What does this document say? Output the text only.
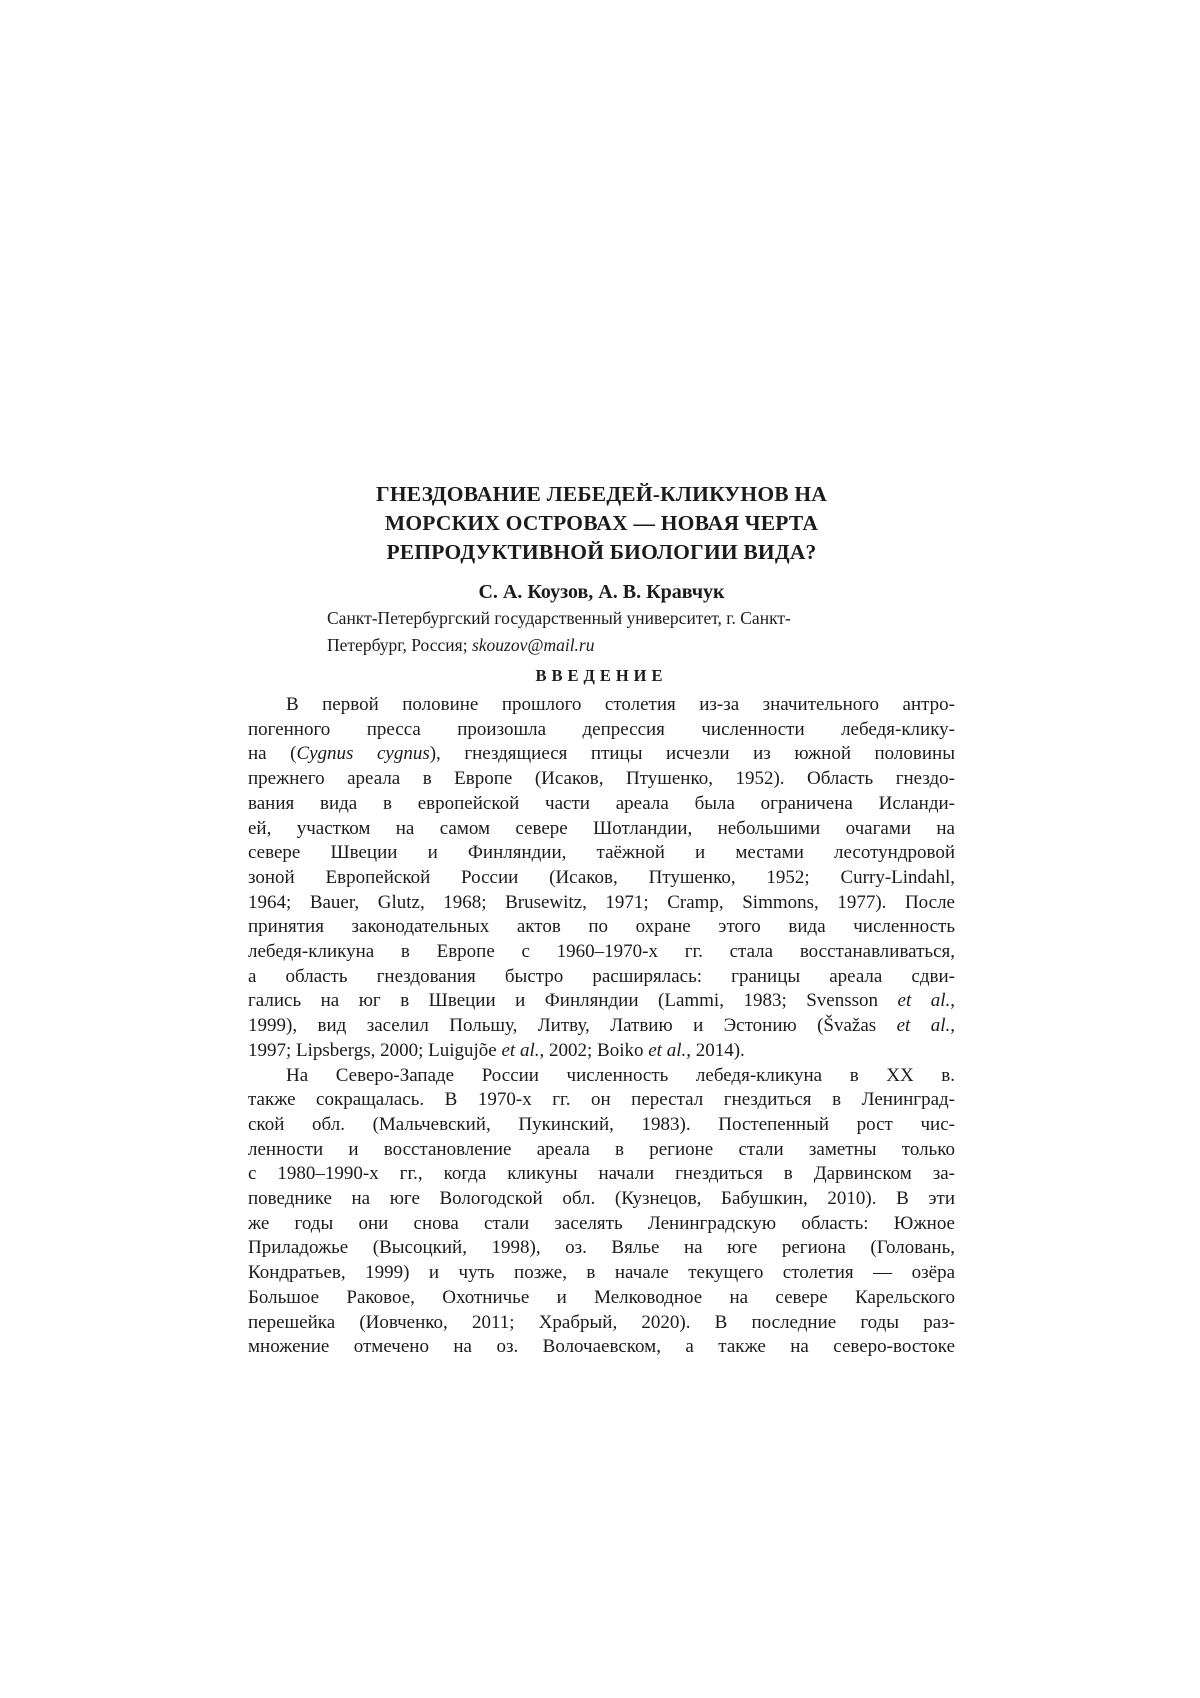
ГНЕЗДОВАНИЕ ЛЕБЕДЕЙ-КЛИКУНОВ НА
МОРСКИХ ОСТРОВАХ — НОВАЯ ЧЕРТА
РЕПРОДУКТИВНОЙ БИОЛОГИИ ВИДА?
С. А. Коузов, А. В. Кравчук
Санкт-Петербургский государственный университет, г. Санкт-
Петербург, Россия; skouzov@mail.ru
ВВЕДЕНИЕ
В первой половине прошлого столетия из-за значительного антро-
погенного пресса произошла депрессия численности лебедя-клику-
на (Cygnus cygnus), гнездящиеся птицы исчезли из южной половины
прежнего ареала в Европе (Исаков, Птушенко, 1952). Область гнездо-
вания вида в европейской части ареала была ограничена Исланди-
ей, участком на самом севере Шотландии, небольшими очагами на
севере Швеции и Финляндии, таёжной и местами лесотундровой
зоной Европейской России (Исаков, Птушенко, 1952; Curry-Lindahl,
1964; Bauer, Glutz, 1968; Brusewitz, 1971; Cramp, Simmons, 1977). После
принятия законодательных актов по охране этого вида численность
лебедя-кликуна в Европе с 1960–1970-х гг. стала восстанавливаться,
а область гнездования быстро расширялась: границы ареала сдви-
гались на юг в Швеции и Финляндии (Lammi, 1983; Svensson et al.,
1999), вид заселил Польшу, Литву, Латвию и Эстонию (Švažas et al.,
1997; Lipsbergs, 2000; Luigujõe et al., 2002; Boiko et al., 2014).
На Северо-Западе России численность лебедя-кликуна в XX в.
также сокращалась. В 1970-х гг. он перестал гнездиться в Ленинград-
ской обл. (Мальчевский, Пукинский, 1983). Постепенный рост чис-
ленности и восстановление ареала в регионе стали заметны только
с 1980–1990-х гг., когда кликуны начали гнездиться в Дарвинском за-
поведнике на юге Вологодской обл. (Кузнецов, Бабушкин, 2010). В эти
же годы они снова стали заселять Ленинградскую область: Южное
Приладожье (Высоцкий, 1998), оз. Вялье на юге региона (Головань,
Кондратьев, 1999) и чуть позже, в начале текущего столетия — озёра
Большое Раковое, Охотничье и Мелководное на севере Карельского
перешейка (Иовченко, 2011; Храбрый, 2020). В последние годы раз-
множение отмечено на оз. Волочаевском, а также на северо-востоке
